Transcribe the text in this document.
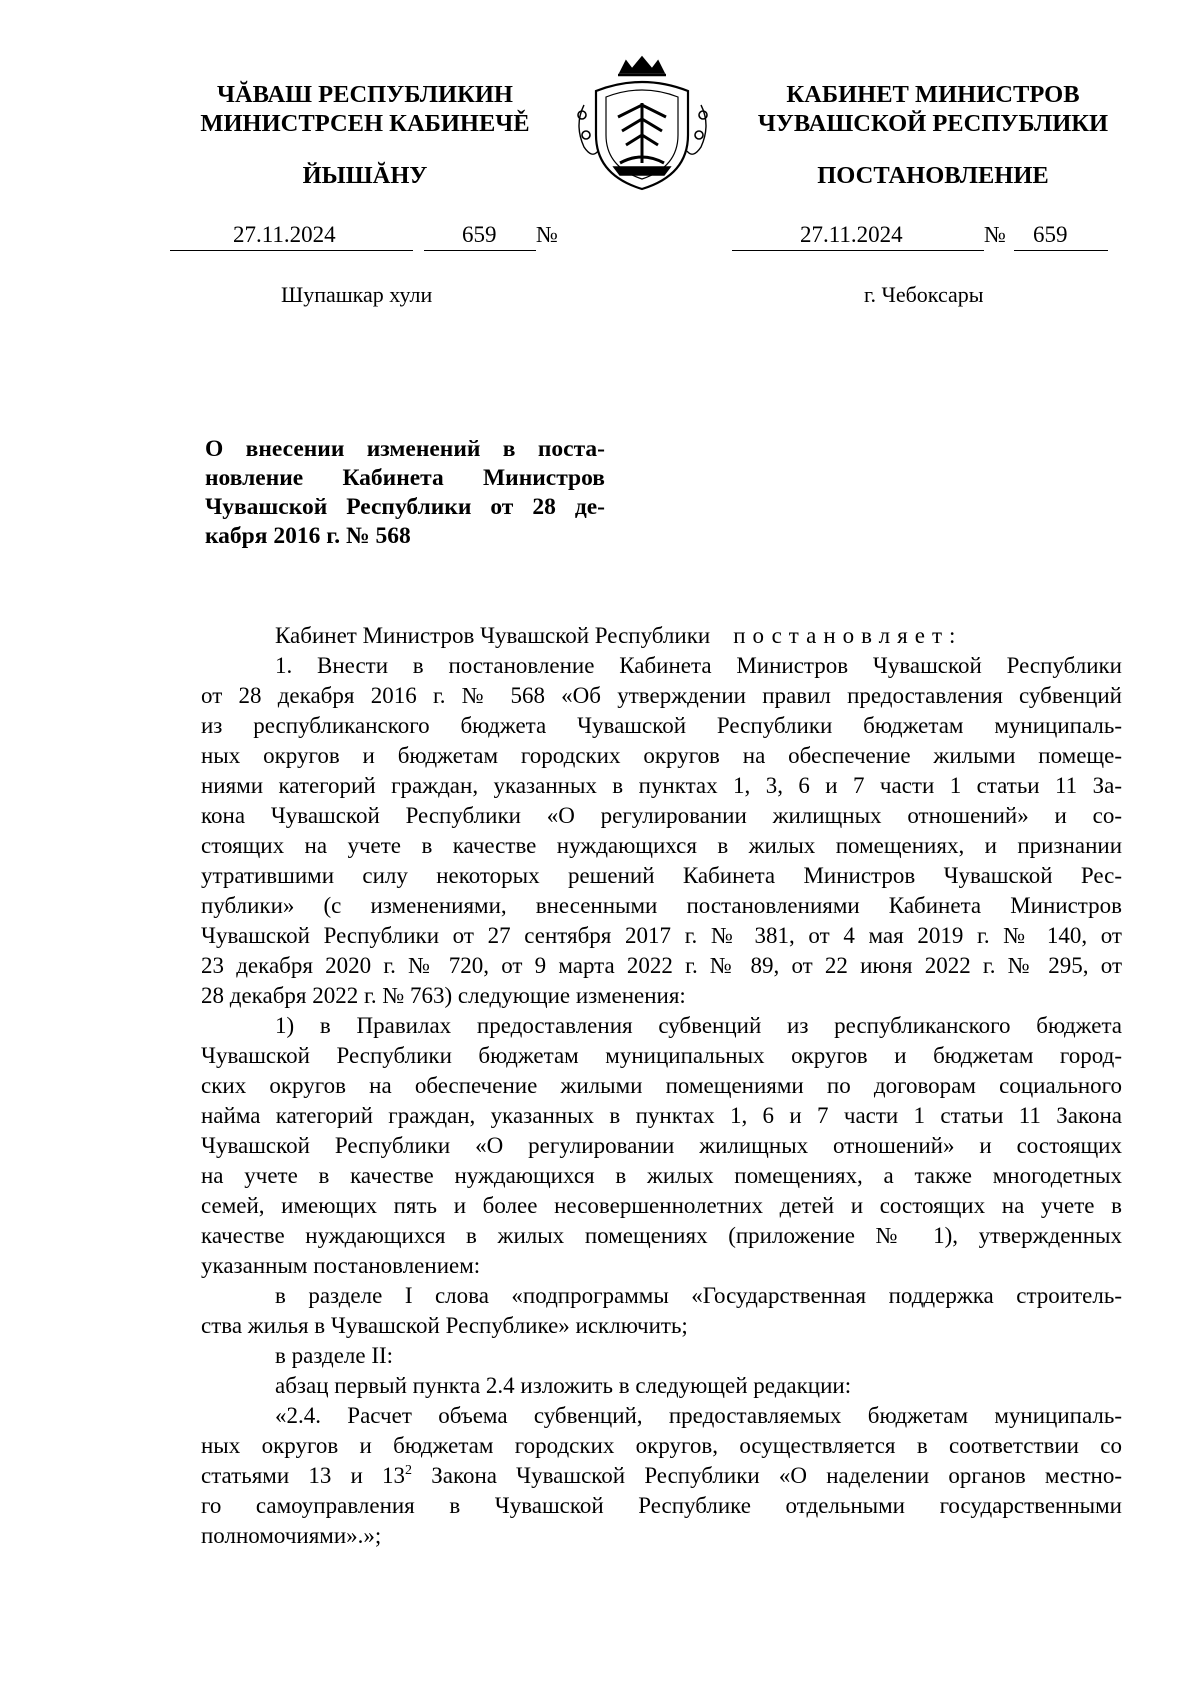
ЧĂВАШ РЕСПУБЛИКИН
МИНИСТРСЕН КАБИНЕЧĚ
ЙЫШĂНУ
27.11.2024	659 №
Шупашкар хули
КАБИНЕТ МИНИСТРОВ
ЧУВАШСКОЙ РЕСПУБЛИКИ
ПОСТАНОВЛЕНИЕ
27.11.2024	№ 659
г. Чебоксары
О внесении изменений в поста-
новление Кабинета Министров
Чувашской Республики от 28 де-
кабря 2016 г. № 568
Кабинет Министров Чувашской Республики постановляет:
1. Внести в постановление Кабинета Министров Чувашской Республики
от 28 декабря 2016 г. № 568 «Об утверждении правил предоставления субвенций
из республиканского бюджета Чувашской Республики бюджетам муниципаль-
ных округов и бюджетам городских округов на обеспечение жилыми помеще-
ниями категорий граждан, указанных в пунктах 1, 3, 6 и 7 части 1 статьи 11 За-
кона Чувашской Республики «О регулировании жилищных отношений» и со-
стоящих на учете в качестве нуждающихся в жилых помещениях, и признании
утратившими силу некоторых решений Кабинета Министров Чувашской Рес-
публики» (с изменениями, внесенными постановлениями Кабинета Министров
Чувашской Республики от 27 сентября 2017 г. № 381, от 4 мая 2019 г. № 140, от
23 декабря 2020 г. № 720, от 9 марта 2022 г. № 89, от 22 июня 2022 г. № 295, от
28 декабря 2022 г. № 763) следующие изменения:
1) в Правилах предоставления субвенций из республиканского бюджета
Чувашской Республики бюджетам муниципальных округов и бюджетам город-
ских округов на обеспечение жилыми помещениями по договорам социального
найма категорий граждан, указанных в пунктах 1, 6 и 7 части 1 статьи 11 Закона
Чувашской Республики «О регулировании жилищных отношений» и состоящих
на учете в качестве нуждающихся в жилых помещениях, а также многодетных
семей, имеющих пять и более несовершеннолетних детей и состоящих на учете в
качестве нуждающихся в жилых помещениях (приложение № 1), утвержденных
указанным постановлением:
в разделе I слова «подпрограммы «Государственная поддержка строитель-
ства жилья в Чувашской Республике» исключить;
в разделе II:
абзац первый пункта 2.4 изложить в следующей редакции:
«2.4. Расчет объема субвенций, предоставляемых бюджетам муниципаль-
ных округов и бюджетам городских округов, осуществляется в соответствии со
статьями 13 и $13^2$ Закона Чувашской Республики «О наделении органов местно-
го самоуправления в Чувашской Республике отдельными государственными
полномочиями».»;
